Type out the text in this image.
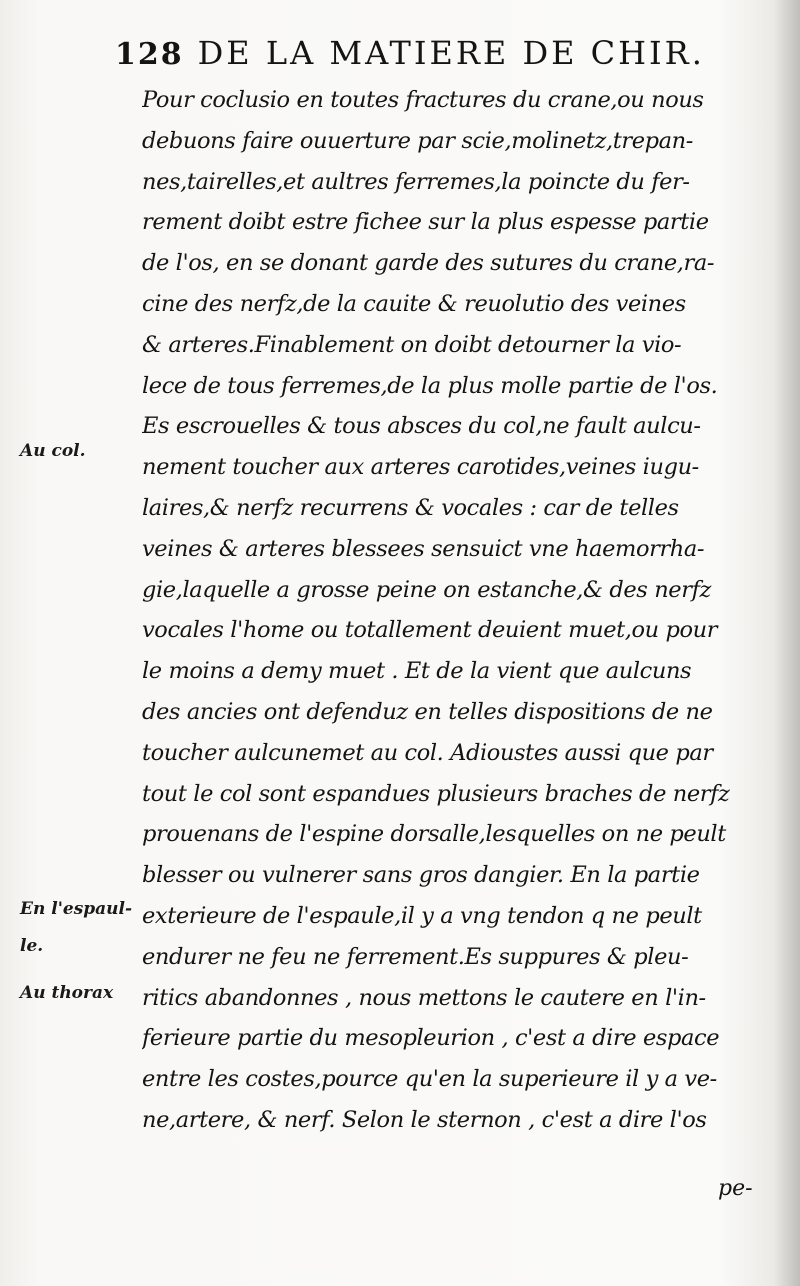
128 DE LA MATIERE DE CHIR.
Pour coclusio en toutes fractures du crane,ou nous
debuons faire ouuerture par scie,molinetz,trepan-
nes,tairelles,et aultres ferremes,la poincte du fer-
rement doibt estre fichee sur la plus espesse partie
de l'os, en se donant garde des sutures du crane,ra-
cine des nerfz,de la cauite & reuolutio des veines
& arteres.Finablement on doibt detourner la vio-
lece de tous ferremes,de la plus molle partie de l'os.
Es escrouelles & tous absces du col,ne fault aulcu-
nement toucher aux arteres carotides,veines iugu-
laires,& nerfz recurrens & vocales : car de telles
veines & arteres blessees sensuict vne haemorrha-
gie,laquelle a grosse peine on estanche,& des nerfz
vocales l'home ou totallement deuient muet,ou pour
le moins a demy muet . Et de la vient que aulcuns
des ancies ont defenduz en telles dispositions de ne
toucher aulcunemet au col. Adioustes aussi que par
tout le col sont espandues plusieurs braches de nerfz
prouenans de l'espine dorsalle,lesquelles on ne peult
blesser ou vulnerer sans gros dangier. En la partie
exterieure de l'espaule,il y a vng tendon q ne peult
endurer ne feu ne ferrement.Es suppures & pleu-
ritics abandonnes , nous mettons le cautere en l'in-
ferieure partie du mesopleurion , c'est a dire espace
entre les costes,pource qu'en la superieure il y a ve-
ne,artere, & nerf. Selon le sternon , c'est a dire l'os
Au col.
En l'espaul-
le.
Au thorax
pe-
